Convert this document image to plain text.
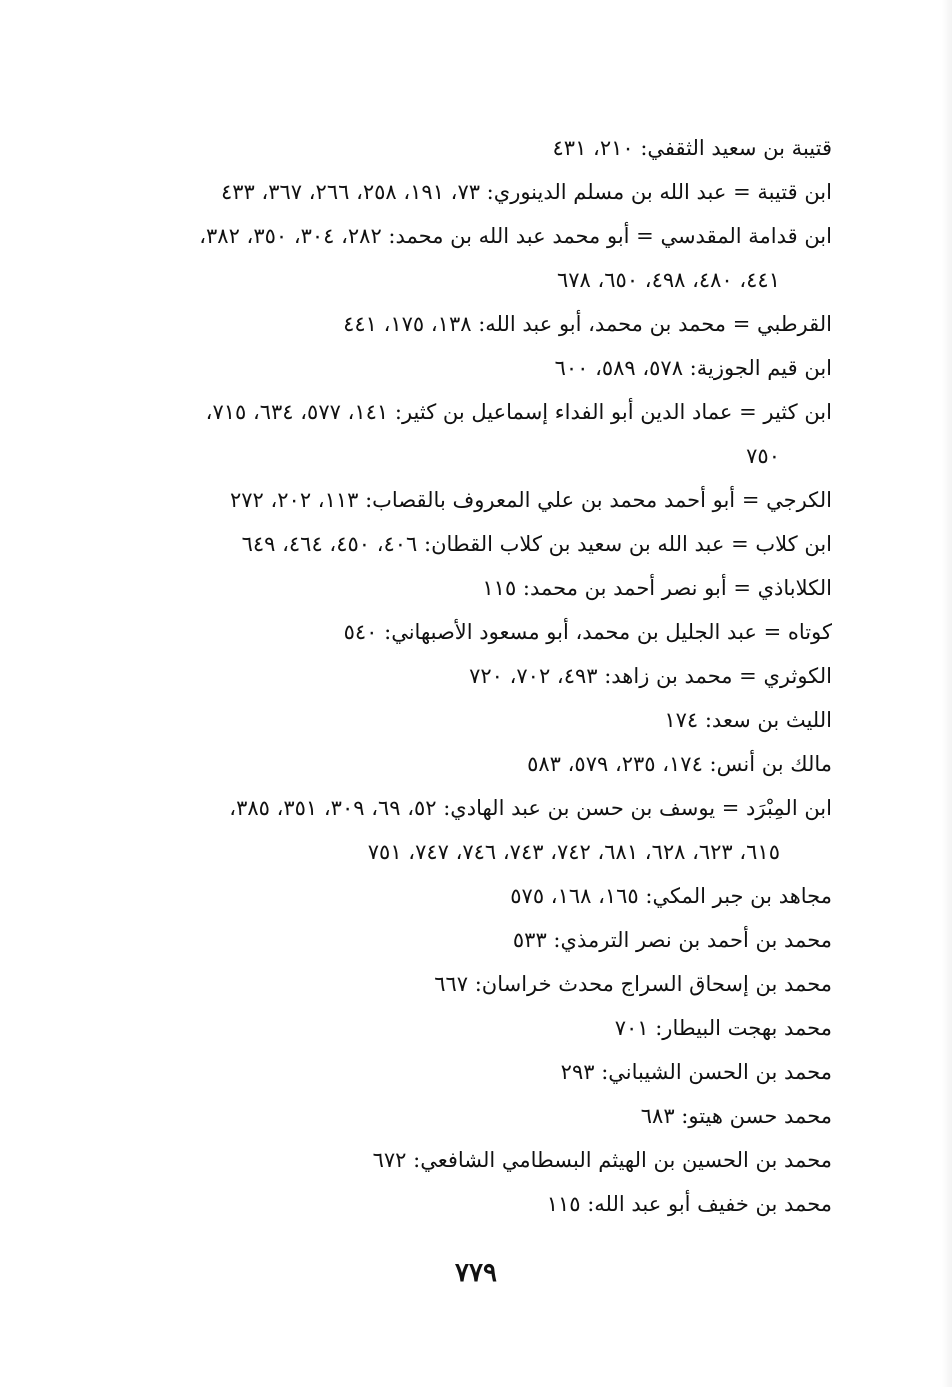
قتيبة بن سعيد الثقفي: ٢١٠، ٤٣١
ابن قتيبة = عبد الله بن مسلم الدينوري: ٧٣، ١٩١، ٢٥٨، ٢٦٦، ٣٦٧، ٤٣٣
ابن قدامة المقدسي = أبو محمد عبد الله بن محمد: ٢٨٢، ٣٠٤، ٣٥٠، ٣٨٢،
٤٤١، ٤٨٠، ٤٩٨، ٦٥٠، ٦٧٨
القرطبي = محمد بن محمد، أبو عبد الله: ١٣٨، ١٧٥، ٤٤١
ابن قيم الجوزية: ٥٧٨، ٥٨٩، ٦٠٠
ابن كثير = عماد الدين أبو الفداء إسماعيل بن كثير: ١٤١، ٥٧٧، ٦٣٤، ٧١٥،
٧٥٠
الكرجي = أبو أحمد محمد بن علي المعروف بالقصاب: ١١٣، ٢٠٢، ٢٧٢
ابن كلاب = عبد الله بن سعيد بن كلاب القطان: ٤٠٦، ٤٥٠، ٤٦٤، ٦٤٩
الكلاباذي = أبو نصر أحمد بن محمد: ١١٥
كوتاه = عبد الجليل بن محمد، أبو مسعود الأصبهاني: ٥٤٠
الكوثري = محمد بن زاهد: ٤٩٣، ٧٠٢، ٧٢٠
الليث بن سعد: ١٧٤
مالك بن أنس: ١٧٤، ٢٣٥، ٥٧٩، ٥٨٣
ابن المِبْرَد = يوسف بن حسن بن عبد الهادي: ٥٢، ٦٩، ٣٠٩، ٣٥١، ٣٨٥،
٦١٥، ٦٢٣، ٦٢٨، ٦٨١، ٧٤٢، ٧٤٣، ٧٤٦، ٧٤٧، ٧٥١
مجاهد بن جبر المكي: ١٦٥، ١٦٨، ٥٧٥
محمد بن أحمد بن نصر الترمذي: ٥٣٣
محمد بن إسحاق السراج محدث خراسان: ٦٦٧
محمد بهجت البيطار: ٧٠١
محمد بن الحسن الشيباني: ٢٩٣
محمد حسن هيتو: ٦٨٣
محمد بن الحسين بن الهيثم البسطامي الشافعي: ٦٧٢
محمد بن خفيف أبو عبد الله: ١١٥
٧٧٩
